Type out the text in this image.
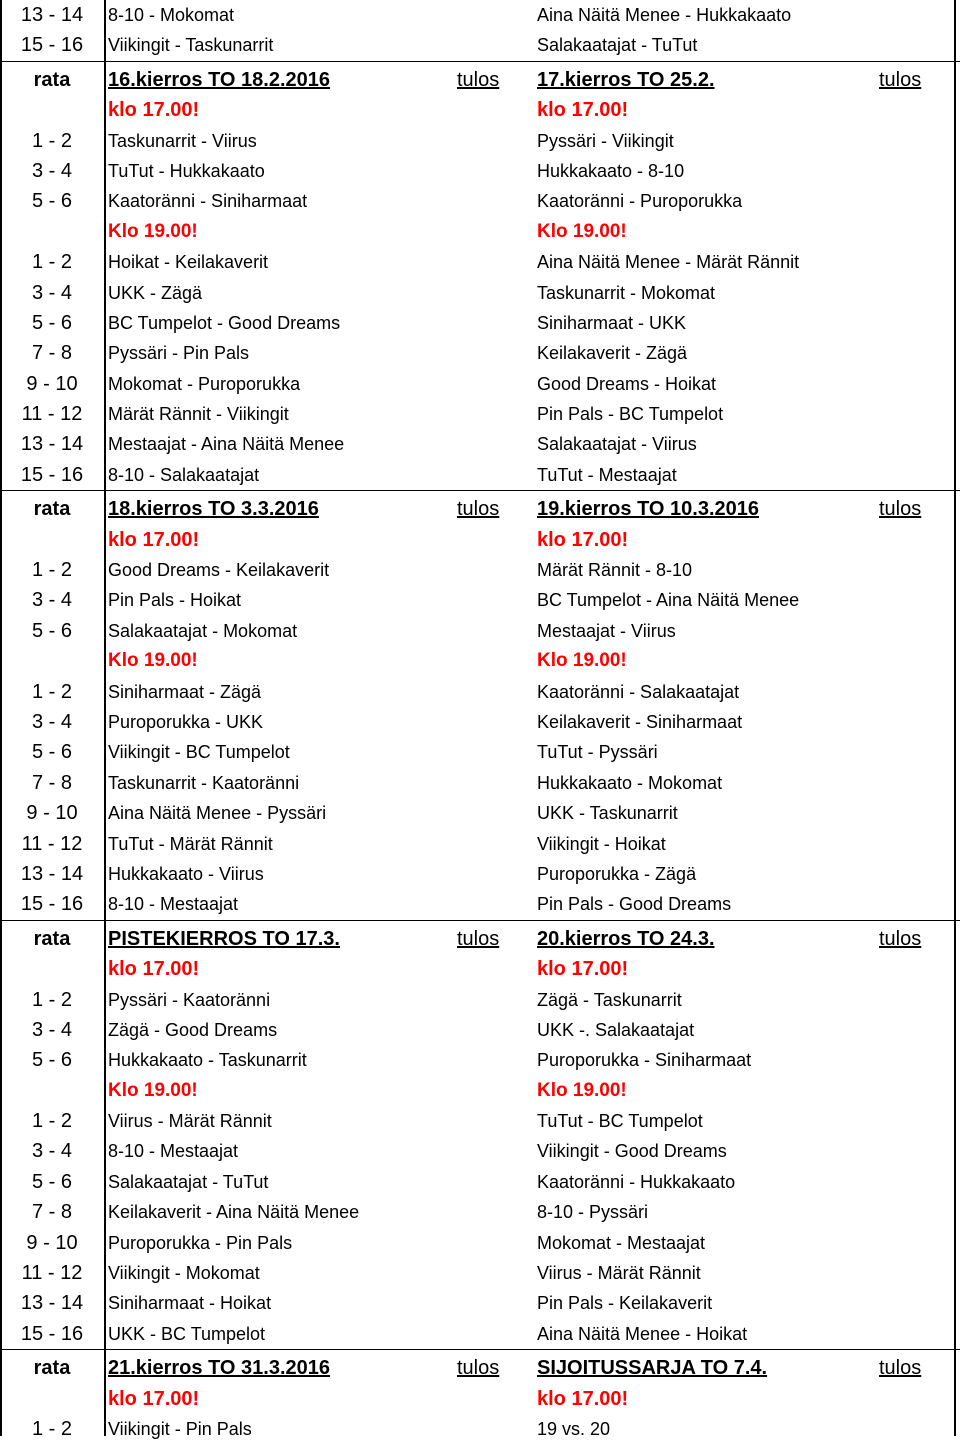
13 - 14	8-10 - Mokomat	Aina Näitä Menee - Hukkakaato
15 - 16	Viikingit - Taskunarrit	Salakaatajat - TuTut
rata	16.kierros TO 18.2.2016	tulos 17.kierros TO 25.2.	tulos
klo 17.00!	klo 17.00!
1 - 2	Taskunarrit - Viirus	Pyssäri - Viikingit
3 - 4	TuTut - Hukkakaato	Hukkakaato - 8-10
5 - 6	Kaatoränni - Siniharmaat	Kaatoränni - Puroporukka
Klo 19.00!	Klo 19.00!
1 - 2	Hoikat - Keilakaverit	Aina Näitä Menee - Märät Rännit
3 - 4	UKK - Zägä	Taskunarrit - Mokomat
5 - 6	BC Tumpelot - Good Dreams	Siniharmaat - UKK
7 - 8	Pyssäri - Pin Pals	Keilakaverit - Zägä
9 - 10	Mokomat - Puroporukka	Good Dreams - Hoikat
11 - 12	Märät Rännit - Viikingit	Pin Pals - BC Tumpelot
13 - 14	Mestaajat - Aina Näitä Menee	Salakaatajat - Viirus
15 - 16	8-10 - Salakaatajat	TuTut - Mestaajat
rata	18.kierros TO 3.3.2016	tulos 19.kierros TO 10.3.2016	tulos
klo 17.00!	klo 17.00!
1 - 2	Good Dreams - Keilakaverit	Märät Rännit - 8-10
3 - 4	Pin Pals - Hoikat	BC Tumpelot - Aina Näitä Menee
5 - 6	Salakaatajat - Mokomat	Mestaajat - Viirus
Klo 19.00!	Klo 19.00!
1 - 2	Siniharmaat - Zägä	Kaatoränni - Salakaatajat
3 - 4	Puroporukka - UKK	Keilakaverit - Siniharmaat
5 - 6	Viikingit - BC Tumpelot	TuTut - Pyssäri
7 - 8	Taskunarrit - Kaatoränni	Hukkakaato - Mokomat
9 - 10	Aina Näitä Menee - Pyssäri	UKK - Taskunarrit
11 - 12	TuTut - Märät Rännit	Viikingit - Hoikat
13 - 14	Hukkakaato - Viirus	Puroporukka - Zägä
15 - 16	8-10 - Mestaajat	Pin Pals - Good Dreams
rata	PISTEKIERROS TO 17.3.	tulos 20.kierros TO 24.3.	tulos
klo 17.00!	klo 17.00!
1 - 2	Pyssäri - Kaatoränni	Zägä - Taskunarrit
3 - 4	Zägä - Good Dreams	UKK -. Salakaatajat
5 - 6	Hukkakaato - Taskunarrit	Puroporukka - Siniharmaat
Klo 19.00!	Klo 19.00!
1 - 2	Viirus - Märät Rännit	TuTut - BC Tumpelot
3 - 4	8-10 - Mestaajat	Viikingit - Good Dreams
5 - 6	Salakaatajat - TuTut	Kaatoränni - Hukkakaato
7 - 8	Keilakaverit - Aina Näitä Menee	8-10 - Pyssäri
9 - 10	Puroporukka - Pin Pals	Mokomat - Mestaajat
11 - 12	Viikingit - Mokomat	Viirus - Märät Rännit
13 - 14	Siniharmaat - Hoikat	Pin Pals - Keilakaverit
15 - 16	UKK - BC Tumpelot	Aina Näitä Menee - Hoikat
rata	21.kierros TO 31.3.2016	tulos SIJOITUSSARJA TO 7.4.	tulos
klo 17.00!	klo 17.00!
1 - 2	Viikingit - Pin Pals	19 vs. 20
